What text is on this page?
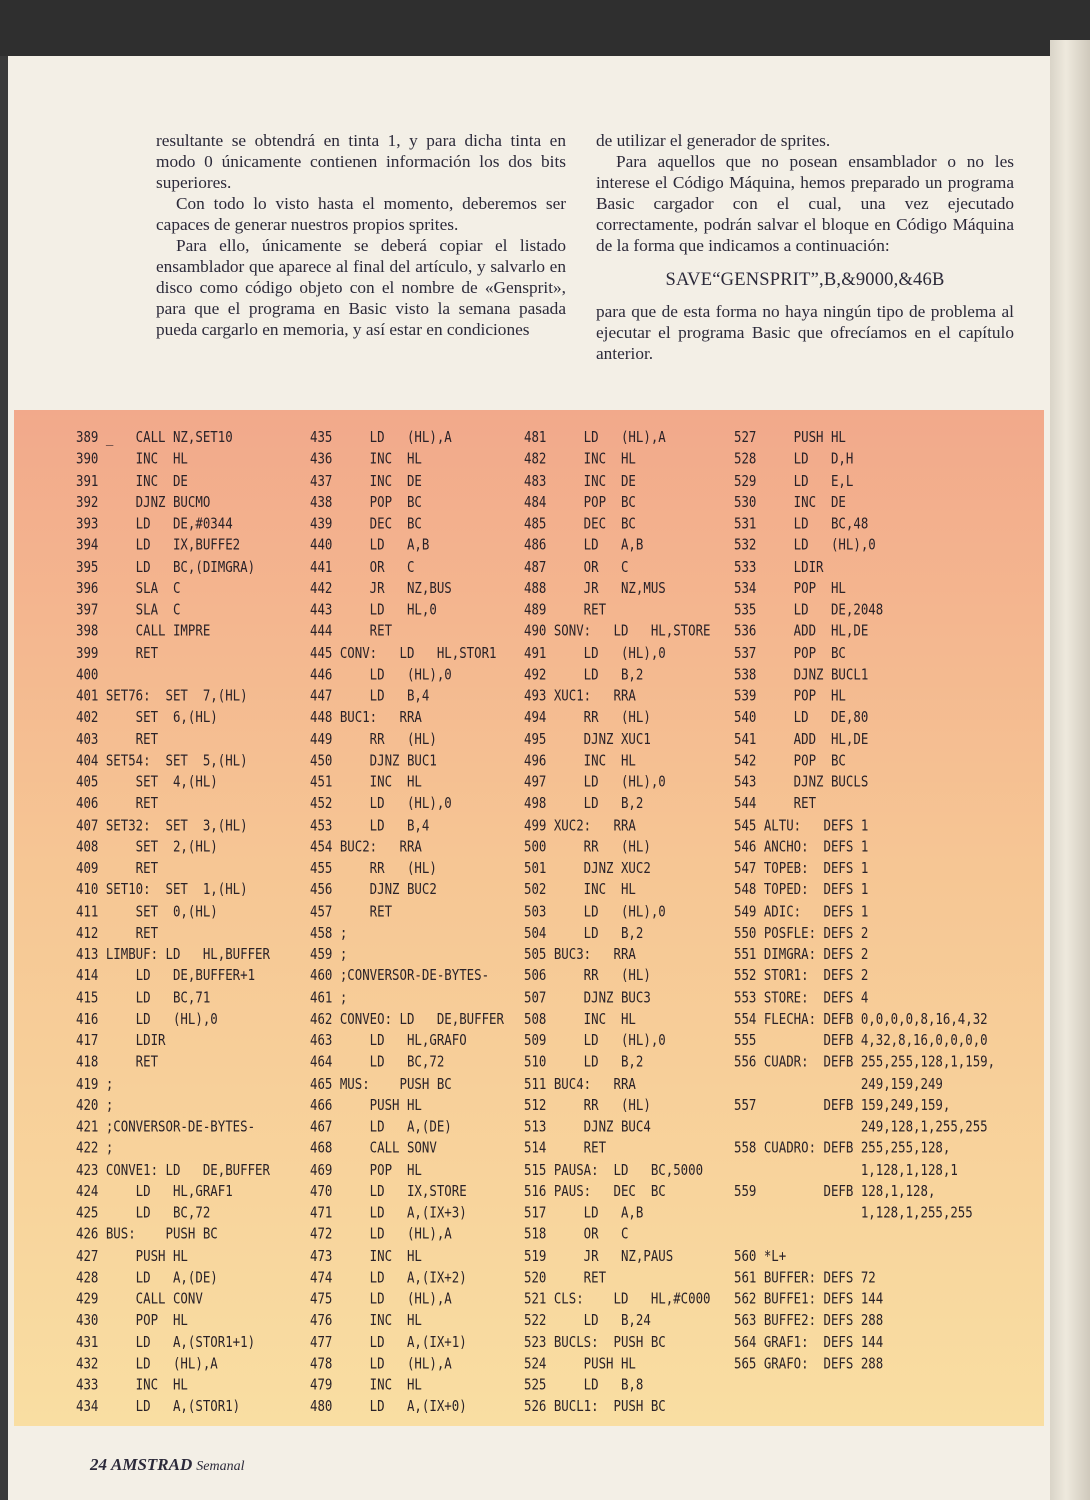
resultante se obtendrá en tinta 1, y para dicha tinta en modo 0 únicamente contienen información los dos bits superiores.

Con todo lo visto hasta el momento, deberemos ser capaces de generar nuestros propios sprites.

Para ello, únicamente se deberá copiar el listado ensamblador que aparece al final del artículo, y salvarlo en disco como código objeto con el nombre de «Gensprit», para que el programa en Basic visto la semana pasada pueda cargarlo en memoria, y así estar en condiciones

de utilizar el generador de sprites.

Para aquellos que no posean ensamblador o no les interese el Código Máquina, hemos preparado un programa Basic cargador con el cual, una vez ejecutado correctamente, podrán salvar el bloque en Código Máquina de la forma que indicamos a continuación:

SAVE“GENSPRIT”,B,&9000,&46B

para que de esta forma no haya ningún tipo de problema al ejecutar el programa Basic que ofrecíamos en el capítulo anterior.

389 _   CALL NZ,SET10
390     INC  HL
391     INC  DE
392     DJNZ BUCMO
393     LD   DE,#0344
394     LD   IX,BUFFE2
395     LD   BC,(DIMGRA)
396     SLA  C
397     SLA  C
398     CALL IMPRE
399     RET
400
401 SET76:  SET  7,(HL)
402     SET  6,(HL)
403     RET
404 SET54:  SET  5,(HL)
405     SET  4,(HL)
406     RET
407 SET32:  SET  3,(HL)
408     SET  2,(HL)
409     RET
410 SET10:  SET  1,(HL)
411     SET  0,(HL)
412     RET
413 LIMBUF: LD   HL,BUFFER
414     LD   DE,BUFFER+1
415     LD   BC,71
416     LD   (HL),0
417     LDIR
418     RET
419 ;
420 ;
421 ;CONVERSOR-DE-BYTES-
422 ;
423 CONVE1: LD   DE,BUFFER
424     LD   HL,GRAF1
425     LD   BC,72
426 BUS:    PUSH BC
427     PUSH HL
428     LD   A,(DE)
429     CALL CONV
430     POP  HL
431     LD   A,(STOR1+1)
432     LD   (HL),A
433     INC  HL
434     LD   A,(STOR1)
435     LD   (HL),A
436     INC  HL
437     INC  DE
438     POP  BC
439     DEC  BC
440     LD   A,B
441     OR   C
442     JR   NZ,BUS
443     LD   HL,0
444     RET
445 CONV:   LD   HL,STOR1
446     LD   (HL),0
447     LD   B,4
448 BUC1:   RRA
449     RR   (HL)
450     DJNZ BUC1
451     INC  HL
452     LD   (HL),0
453     LD   B,4
454 BUC2:   RRA
455     RR   (HL)
456     DJNZ BUC2
457     RET
458 ;
459 ;
460 ;CONVERSOR-DE-BYTES-
461 ;
462 CONVEO: LD   DE,BUFFER
463     LD   HL,GRAFO
464     LD   BC,72
465 MUS:    PUSH BC
466     PUSH HL
467     LD   A,(DE)
468     CALL SONV
469     POP  HL
470     LD   IX,STORE
471     LD   A,(IX+3)
472     LD   (HL),A
473     INC  HL
474     LD   A,(IX+2)
475     LD   (HL),A
476     INC  HL
477     LD   A,(IX+1)
478     LD   (HL),A
479     INC  HL
480     LD   A,(IX+0)
481     LD   (HL),A
482     INC  HL
483     INC  DE
484     POP  BC
485     DEC  BC
486     LD   A,B
487     OR   C
488     JR   NZ,MUS
489     RET
490 SONV:   LD   HL,STORE
491     LD   (HL),0
492     LD   B,2
493 XUC1:   RRA
494     RR   (HL)
495     DJNZ XUC1
496     INC  HL
497     LD   (HL),0
498     LD   B,2
499 XUC2:   RRA
500     RR   (HL)
501     DJNZ XUC2
502     INC  HL
503     LD   (HL),0
504     LD   B,2
505 BUC3:   RRA
506     RR   (HL)
507     DJNZ BUC3
508     INC  HL
509     LD   (HL),0
510     LD   B,2
511 BUC4:   RRA
512     RR   (HL)
513     DJNZ BUC4
514     RET
515 PAUSA:  LD   BC,5000
516 PAUS:   DEC  BC
517     LD   A,B
518     OR   C
519     JR   NZ,PAUS
520     RET
521 CLS:    LD   HL,#C000
522     LD   B,24
523 BUCLS:  PUSH BC
524     PUSH HL
525     LD   B,8
526 BUCL1:  PUSH BC
527     PUSH HL
528     LD   D,H
529     LD   E,L
530     INC  DE
531     LD   BC,48
532     LD   (HL),0
533     LDIR
534     POP  HL
535     LD   DE,2048
536     ADD  HL,DE
537     POP  BC
538     DJNZ BUCL1
539     POP  HL
540     LD   DE,80
541     ADD  HL,DE
542     POP  BC
543     DJNZ BUCLS
544     RET
545 ALTU:   DEFS 1
546 ANCHO:  DEFS 1
547 TOPEB:  DEFS 1
548 TOPED:  DEFS 1
549 ADIC:   DEFS 1
550 POSFLE: DEFS 2
551 DIMGRA: DEFS 2
552 STOR1:  DEFS 2
553 STORE:  DEFS 4
554 FLECHA: DEFB 0,0,0,0,8,16,4,32
555         DEFB 4,32,8,16,0,0,0,0
556 CUADR:  DEFB 255,255,128,1,159,
249,159,249
557         DEFB 159,249,159,
249,128,1,255,255
558 CUADRO: DEFB 255,255,128,
1,128,1,128,1
559         DEFB 128,1,128,
1,128,1,255,255
560 *L+
561 BUFFER: DEFS 72
562 BUFFE1: DEFS 144
563 BUFFE2: DEFS 288
564 GRAF1:  DEFS 144
565 GRAFO:  DEFS 288
24 AMSTRAD Semanal
